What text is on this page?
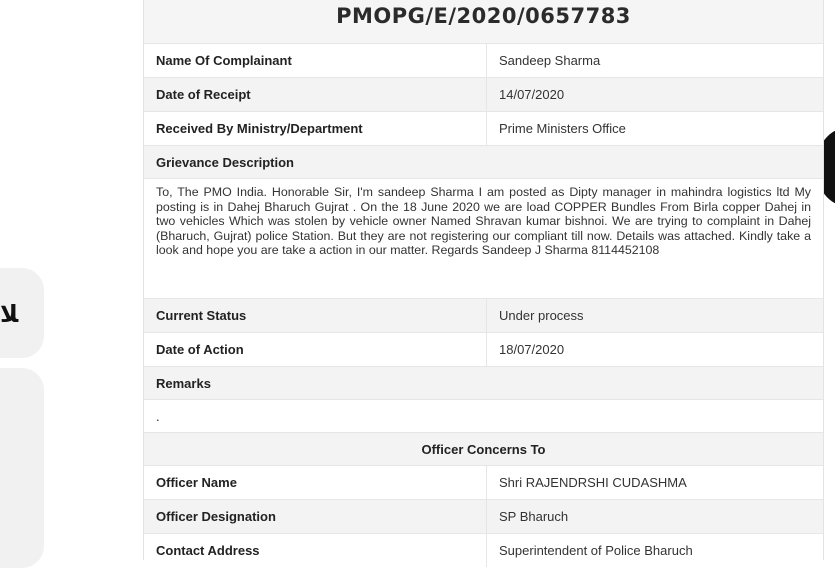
ﻼ
PMOPG/E/2020/0657783
Name Of Complainant	Sandeep Sharma
Date of Receipt	14/07/2020
Received By Ministry/Department	Prime Ministers Office
Grievance Description
To, The PMO India. Honorable Sir, I'm sandeep Sharma I am posted as Dipty manager in mahindra logistics ltd My posting is in Dahej Bharuch Gujrat . On the 18 June 2020 we are load COPPER Bundles From Birla copper Dahej in two vehicles Which was stolen by vehicle owner Named Shravan kumar bishnoi. We are trying to complaint in Dahej (Bharuch, Gujrat) police Station. But they are not registering our compliant till now. Details was attached. Kindly take a look and hope you are take a action in our matter. Regards Sandeep J Sharma 8114452108
Current Status	Under process
Date of Action	18/07/2020
Remarks
.
Officer Concerns To
Officer Name	Shri RAJENDRSHI CUDASHMA
Officer Designation	SP Bharuch
Contact Address	Superintendent of Police Bharuch
